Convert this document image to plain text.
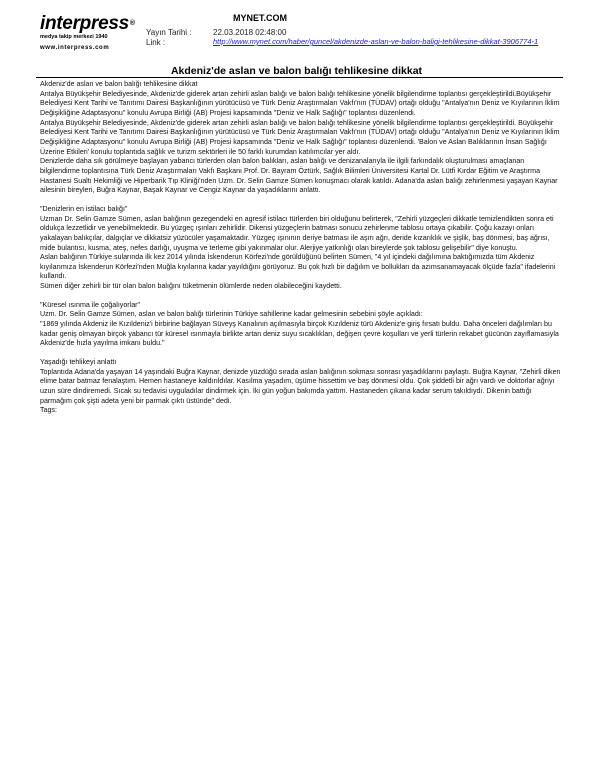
interpress®
medya takip merkezi 1940
www.interpress.com
MYNET.COM
Yayın Tarihi :	22.03.2018 02:48:00
Link :	http://www.mynet.com/haber/guncel/akdenizde-aslan-ve-balon-baligi-tehlikesine-dikkat-3906774-1
Akdeniz'de aslan ve balon balığı tehlikesine dikkat

Akdeniz'de aslan ve balon balığı tehlikesine dikkat

Antalya Büyükşehir Belediyesinde, Akdeniz'de giderek artan zehirli aslan balığı ve balon balığı tehlikesine yönelik bilgilendirme toplantısı gerçekleştirildi.Büyükşehir Belediyesi Kent Tarihi ve Tanıtımı Dairesi Başkanlığının yürütücüsü ve Türk Deniz Araştırmaları Vakfı'nın (TÜDAV) ortağı olduğu "Antalya'nın Deniz ve Kıyılarının İklim Değişikliğine Adaptasyonu" konulu Avrupa Birliği (AB) Projesi kapsamında "Deniz ve Halk Sağlığı" toplantısı düzenlendi.

Antalya Büyükşehir Belediyesinde, Akdeniz'de giderek artan zehirli aslan balığı ve balon balığı tehlikesine yönelik bilgilendirme toplantısı gerçekleştirildi. Büyükşehir Belediyesi Kent Tarihi ve Tanıtımı Dairesi Başkanlığının yürütücüsü ve Türk Deniz Araştırmaları Vakfı'nın (TÜDAV) ortağı olduğu "Antalya'nın Deniz ve Kıyılarının İklim Değişikliğine Adaptasyonu" konulu Avrupa Birliği (AB) Projesi kapsamında "Deniz ve Halk Sağlığı" toplantısı düzenlendi. 'Balon ve Aslan Balıklarının İnsan Sağlığı Üzerine Etkileri' konulu toplantıda sağlık ve turizm sektörleri ile 50 farklı kurumdan katılımcılar yer aldı.

Denizlerde daha sık görülmeye başlayan yabancı türlerden olan balon balıkları, aslan balığı ve denizanalarıyla ile ilgili farkındalık oluşturulması amaçlanan bilgilendirme toplantısına Türk Deniz Araştırmaları Vakfı Başkanı Prof. Dr. Bayram Öztürk, Sağlık Bilimleri Üniversitesi Kartal Dr. Lütfi Kırdar Eğitim ve Araştırma Hastanesi Sualtı Hekimliği ve Hiperbarik Tıp Kliniği'nden Uzm. Dr. Selin Gamze Sümen konuşmacı olarak katıldı. Adana'da aslan balığı zehirlenmesi yaşayan Kaynar ailesinin bireyleri, Buğra Kaynar, Başak Kaynar ve Cengiz Kaynar da yaşadıklarını anlattı.

"Denizlerin en istilacı balığı"

Uzman Dr. Selin Gamze Sümen, aslan balığının gezegendeki en agresif istilacı türlerden biri olduğunu belirterek, "Zehirli yüzgeçleri dikkatle temizlendikten sonra eti oldukça lezzetlidir ve yenebilmektedir. Bu yüzgeç ışınları zehirlidir. Dikensi yüzgeçlerin batması sonucu zehirlenme tablosu ortaya çıkabilir. Çoğu kazayı onları yakalayan balıkçılar, dalgıçlar ve dikkatsiz yüzücüler yaşamaktadır. Yüzgeç ışınının deriye batması ile aşırı ağrı, deride kızarıklık ve şişlik, baş dönmesi, baş ağrısı, mide bulantısı, kusma, ateş, nefes darlığı, uyuşma ve terleme gibi yakınmalar olur. Alerjiye yatkınlığı olan bireylerde şok tablosu gelişebilir" diye konuştu.

Aslan balığının Türkiye sularında ilk kez 2014 yılında İskenderun Körfezi'nde görüldüğünü belirten Sümen, "4 yıl içindeki dağılımına baktığımızda tüm Akdeniz kıyılarımıza İskenderun Körfezi'nden Muğla kıyılarına kadar yayıldığını görüyoruz. Bu çok hızlı bir dağılım ve bollukları da azımsanamayacak ölçüde fazla" ifadelerini kullandı.

Sümen diğer zehirli bir tür olan balon balığını tüketmenin ölümlerde neden olabileceğini kaydetti.

"Küresel ısınma ile çoğalıyorlar"

Uzm. Dr. Selin Gamze Sümen, aslan ve balon balığı türlerinin Türkiye sahillerine kadar gelmesinin sebebini şöyle açıkladı:

"1869 yılında Akdeniz ile Kızıldeniz'i birbirine bağlayan Süveyş Kanalının açılmasıyla birçok Kızıldeniz türü Akdeniz'e giriş fırsatı buldu. Daha önceleri dağılımları bu kadar geniş olmayan birçok yabancı tür küresel ısınmayla birlikte artan deniz suyu sıcaklıkları, değişen çevre koşulları ve yerli türlerin rekabet gücünün zayıflamasıyla Akdeniz'de hızla yayılma imkanı buldu."

Yaşadığı tehlikeyi anlattı

Toplantıda Adana'da yaşayan 14 yaşındaki Buğra Kaynar, denizde yüzdüğü sırada aslan balığının sokması sonrası yaşadıklarını paylaştı. Buğra Kaynar, "Zehirli diken elime batar batmaz fenalaştım. Hemen hastaneye kaldırıldılar. Kasılma yaşadım, üşüme hissettim ve baş dönmesi oldu. Çok şiddetli bir ağrı vardı ve doktorlar ağrıyı uzun süre dindiremedi. Sıcak su tedavisi uyguladılar dindirmek için. İki gün yoğun bakımda yattım. Hastaneden çıkana kadar serum takıldıydı. Dikenin battığı parmağım çok şişti adeta yeni bir parmak çıktı üstünde" dedi.

Tags:
